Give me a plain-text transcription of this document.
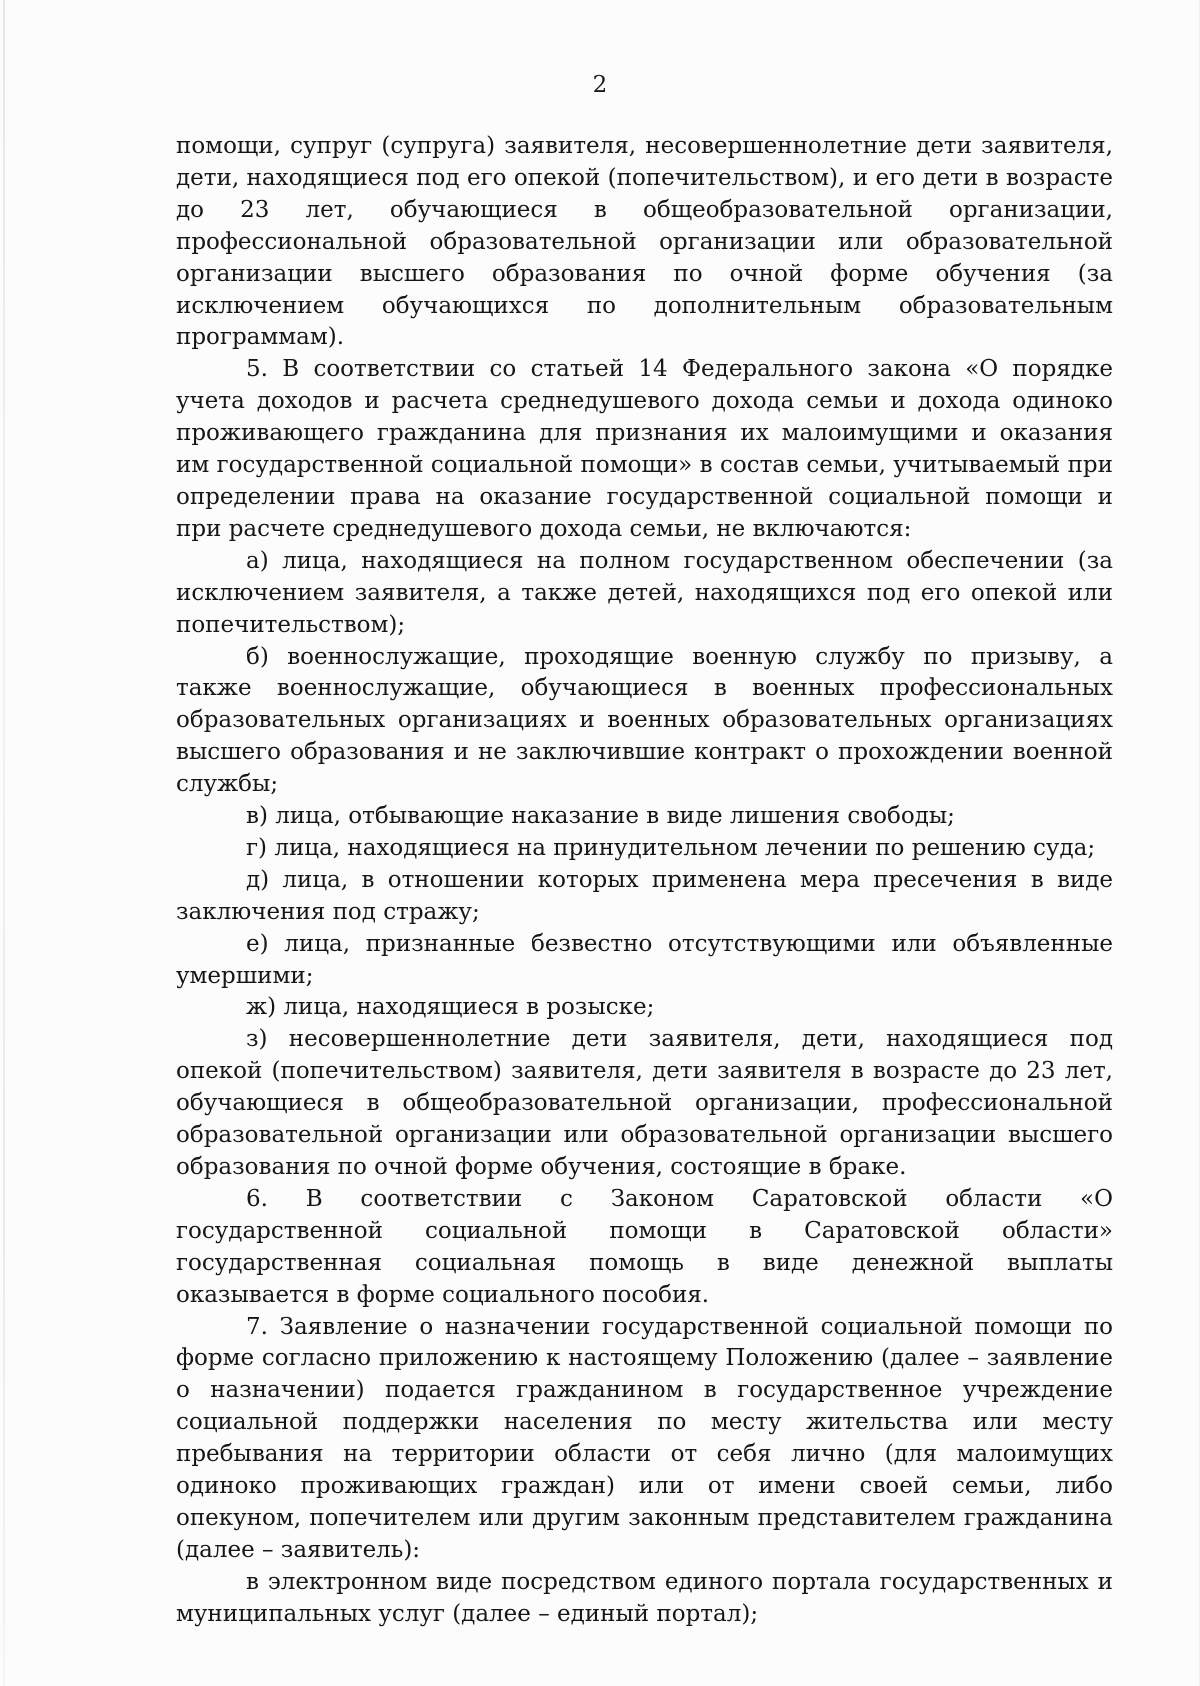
2

помощи, супруг (супруга) заявителя, несовершеннолетние дети заявителя, дети, находящиеся под его опекой (попечительством), и его дети в возрасте до 23 лет, обучающиеся в общеобразовательной организации, профессиональной образовательной организации или образовательной организации высшего образования по очной форме обучения (за исключением обучающихся по дополнительным образовательным программам).

5. В соответствии со статьей 14 Федерального закона «О порядке учета доходов и расчета среднедушевого дохода семьи и дохода одиноко проживающего гражданина для признания их малоимущими и оказания им государственной социальной помощи» в состав семьи, учитываемый при определении права на оказание государственной социальной помощи и при расчете среднедушевого дохода семьи, не включаются:

а) лица, находящиеся на полном государственном обеспечении (за исключением заявителя, а также детей, находящихся под его опекой или попечительством);

б) военнослужащие, проходящие военную службу по призыву, а также военнослужащие, обучающиеся в военных профессиональных образовательных организациях и военных образовательных организациях высшего образования и не заключившие контракт о прохождении военной службы;

в) лица, отбывающие наказание в виде лишения свободы;

г) лица, находящиеся на принудительном лечении по решению суда;

д) лица, в отношении которых применена мера пресечения в виде заключения под стражу;

е) лица, признанные безвестно отсутствующими или объявленные умершими;

ж) лица, находящиеся в розыске;

з) несовершеннолетние дети заявителя, дети, находящиеся под опекой (попечительством) заявителя, дети заявителя в возрасте до 23 лет, обучающиеся в общеобразовательной организации, профессиональной образовательной организации или образовательной организации высшего образования по очной форме обучения, состоящие в браке.

6. В соответствии с Законом Саратовской области «О государственной социальной помощи в Саратовской области» государственная социальная помощь в виде денежной выплаты оказывается в форме социального пособия.

7. Заявление о назначении государственной социальной помощи по форме согласно приложению к настоящему Положению (далее – заявление о назначении) подается гражданином в государственное учреждение социальной поддержки населения по месту жительства или месту пребывания на территории области от себя лично (для малоимущих одиноко проживающих граждан) или от имени своей семьи, либо опекуном, попечителем или другим законным представителем гражданина (далее – заявитель):

в электронном виде посредством единого портала государственных и муниципальных услуг (далее – единый портал);
